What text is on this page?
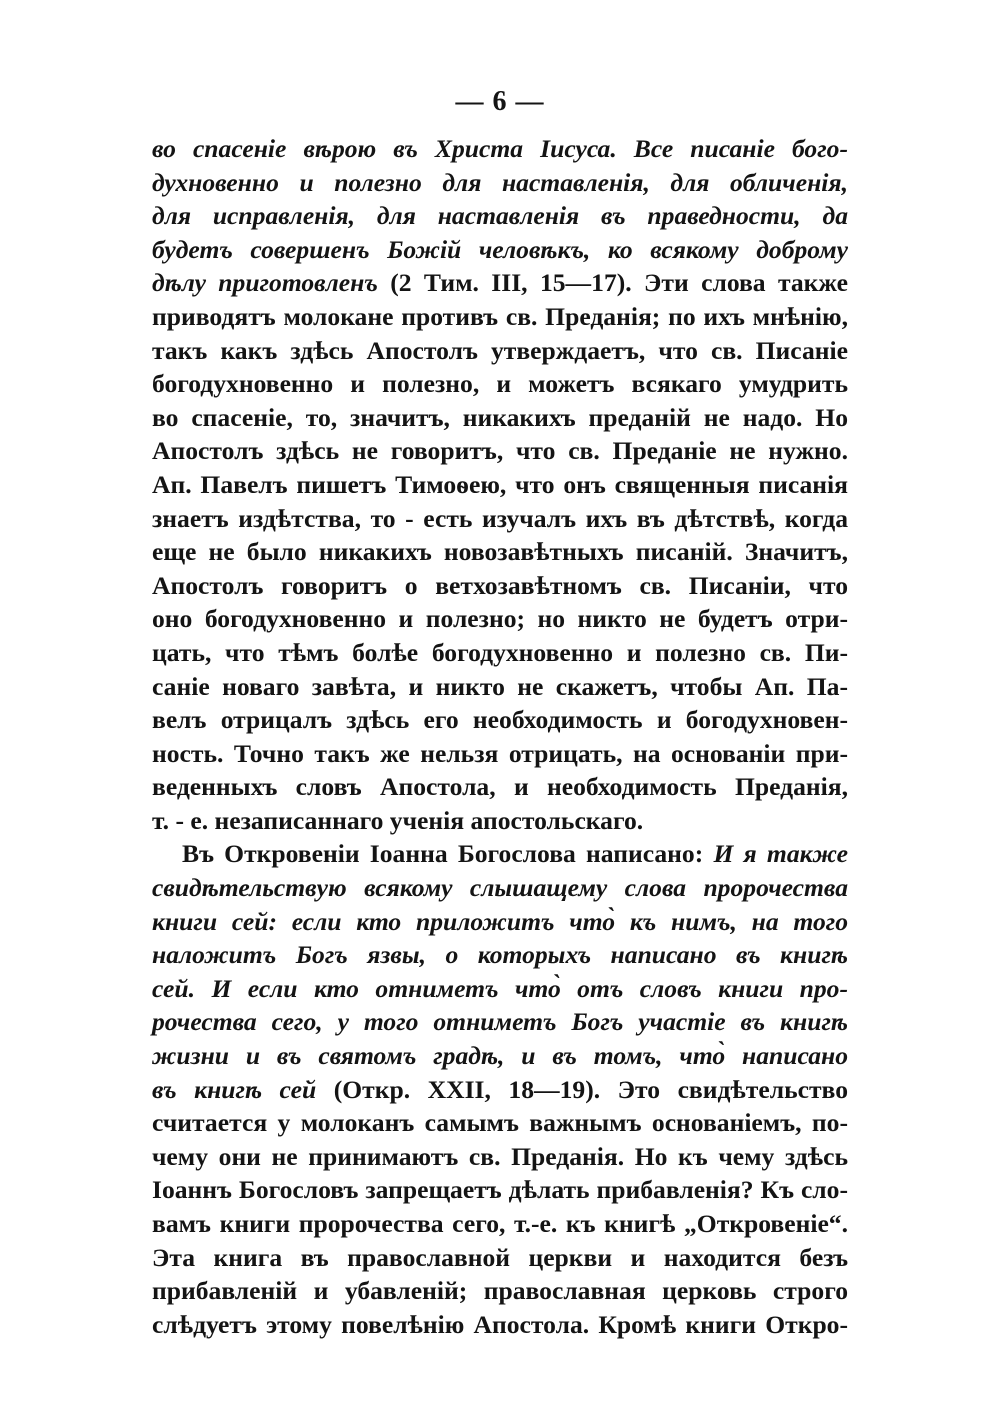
— 6 —
во спасеніе вѣрою въ Христа Іисуса. Все писаніе бого-
духновенно и полезно для наставленія, для обличенія,
для исправленія, для наставленія въ праведности, да
будетъ совершенъ Божій человѣкъ, ко всякому доброму
дѣлу приготовленъ (2 Тим. III, 15—17). Эти слова также
приводятъ молокане противъ св. Преданія; по ихъ мнѣнію,
такъ какъ здѣсь Апостолъ утверждаетъ, что св. Писаніе
богодухновенно и полезно, и можетъ всякаго умудрить
во спасеніе, то, значитъ, никакихъ преданій не надо. Но
Апостолъ здѣсь не говоритъ, что св. Преданіе не нужно.
Ап. Павелъ пишетъ Тимоѳею, что онъ священныя писанія
знаетъ издѣтства, то - есть изучалъ ихъ въ дѣтствѣ, когда
еще не было никакихъ новозавѣтныхъ писаній. Значитъ,
Апостолъ говоритъ о ветхозавѣтномъ св. Писаніи, что
оно богодухновенно и полезно; но никто не будетъ отри-
цать, что тѣмъ болѣе богодухновенно и полезно св. Пи-
саніе новаго завѣта, и никто не скажетъ, чтобы Ап. Па-
велъ отрицалъ здѣсь его необходимость и богодухновен-
ность. Точно такъ же нельзя отрицать, на основаніи при-
веденныхъ словъ Апостола, и необходимость Преданія,
т. - е. незаписаннаго ученія апостольскаго.
Въ Откровеніи Іоанна Богослова написано: И я также
свидѣтельствую всякому слышащему слова пророчества
книги сей: если кто приложитъ что̀ къ нимъ, на того
наложитъ Богъ язвы, о которыхъ написано въ книгѣ
сей. И если кто отниметъ что̀ отъ словъ книги про-
рочества сего, у того отниметъ Богъ участіе въ книгѣ
жизни и въ святомъ градѣ, и въ томъ, что̀ написано
въ книгѣ сей (Откр. XXII, 18—19). Это свидѣтельство
считается у молоканъ самымъ важнымъ основаніемъ, по-
чему они не принимаютъ св. Преданія. Но къ чему здѣсь
Іоаннъ Богословъ запрещаетъ дѣлать прибавленія? Къ сло-
вамъ книги пророчества сего, т.-е. къ книгѣ „Откровеніе“.
Эта книга въ православной церкви и находится безъ
прибавленій и убавленій; православная церковь строго
слѣдуетъ этому повелѣнію Апостола. Кромѣ книги Откро-
